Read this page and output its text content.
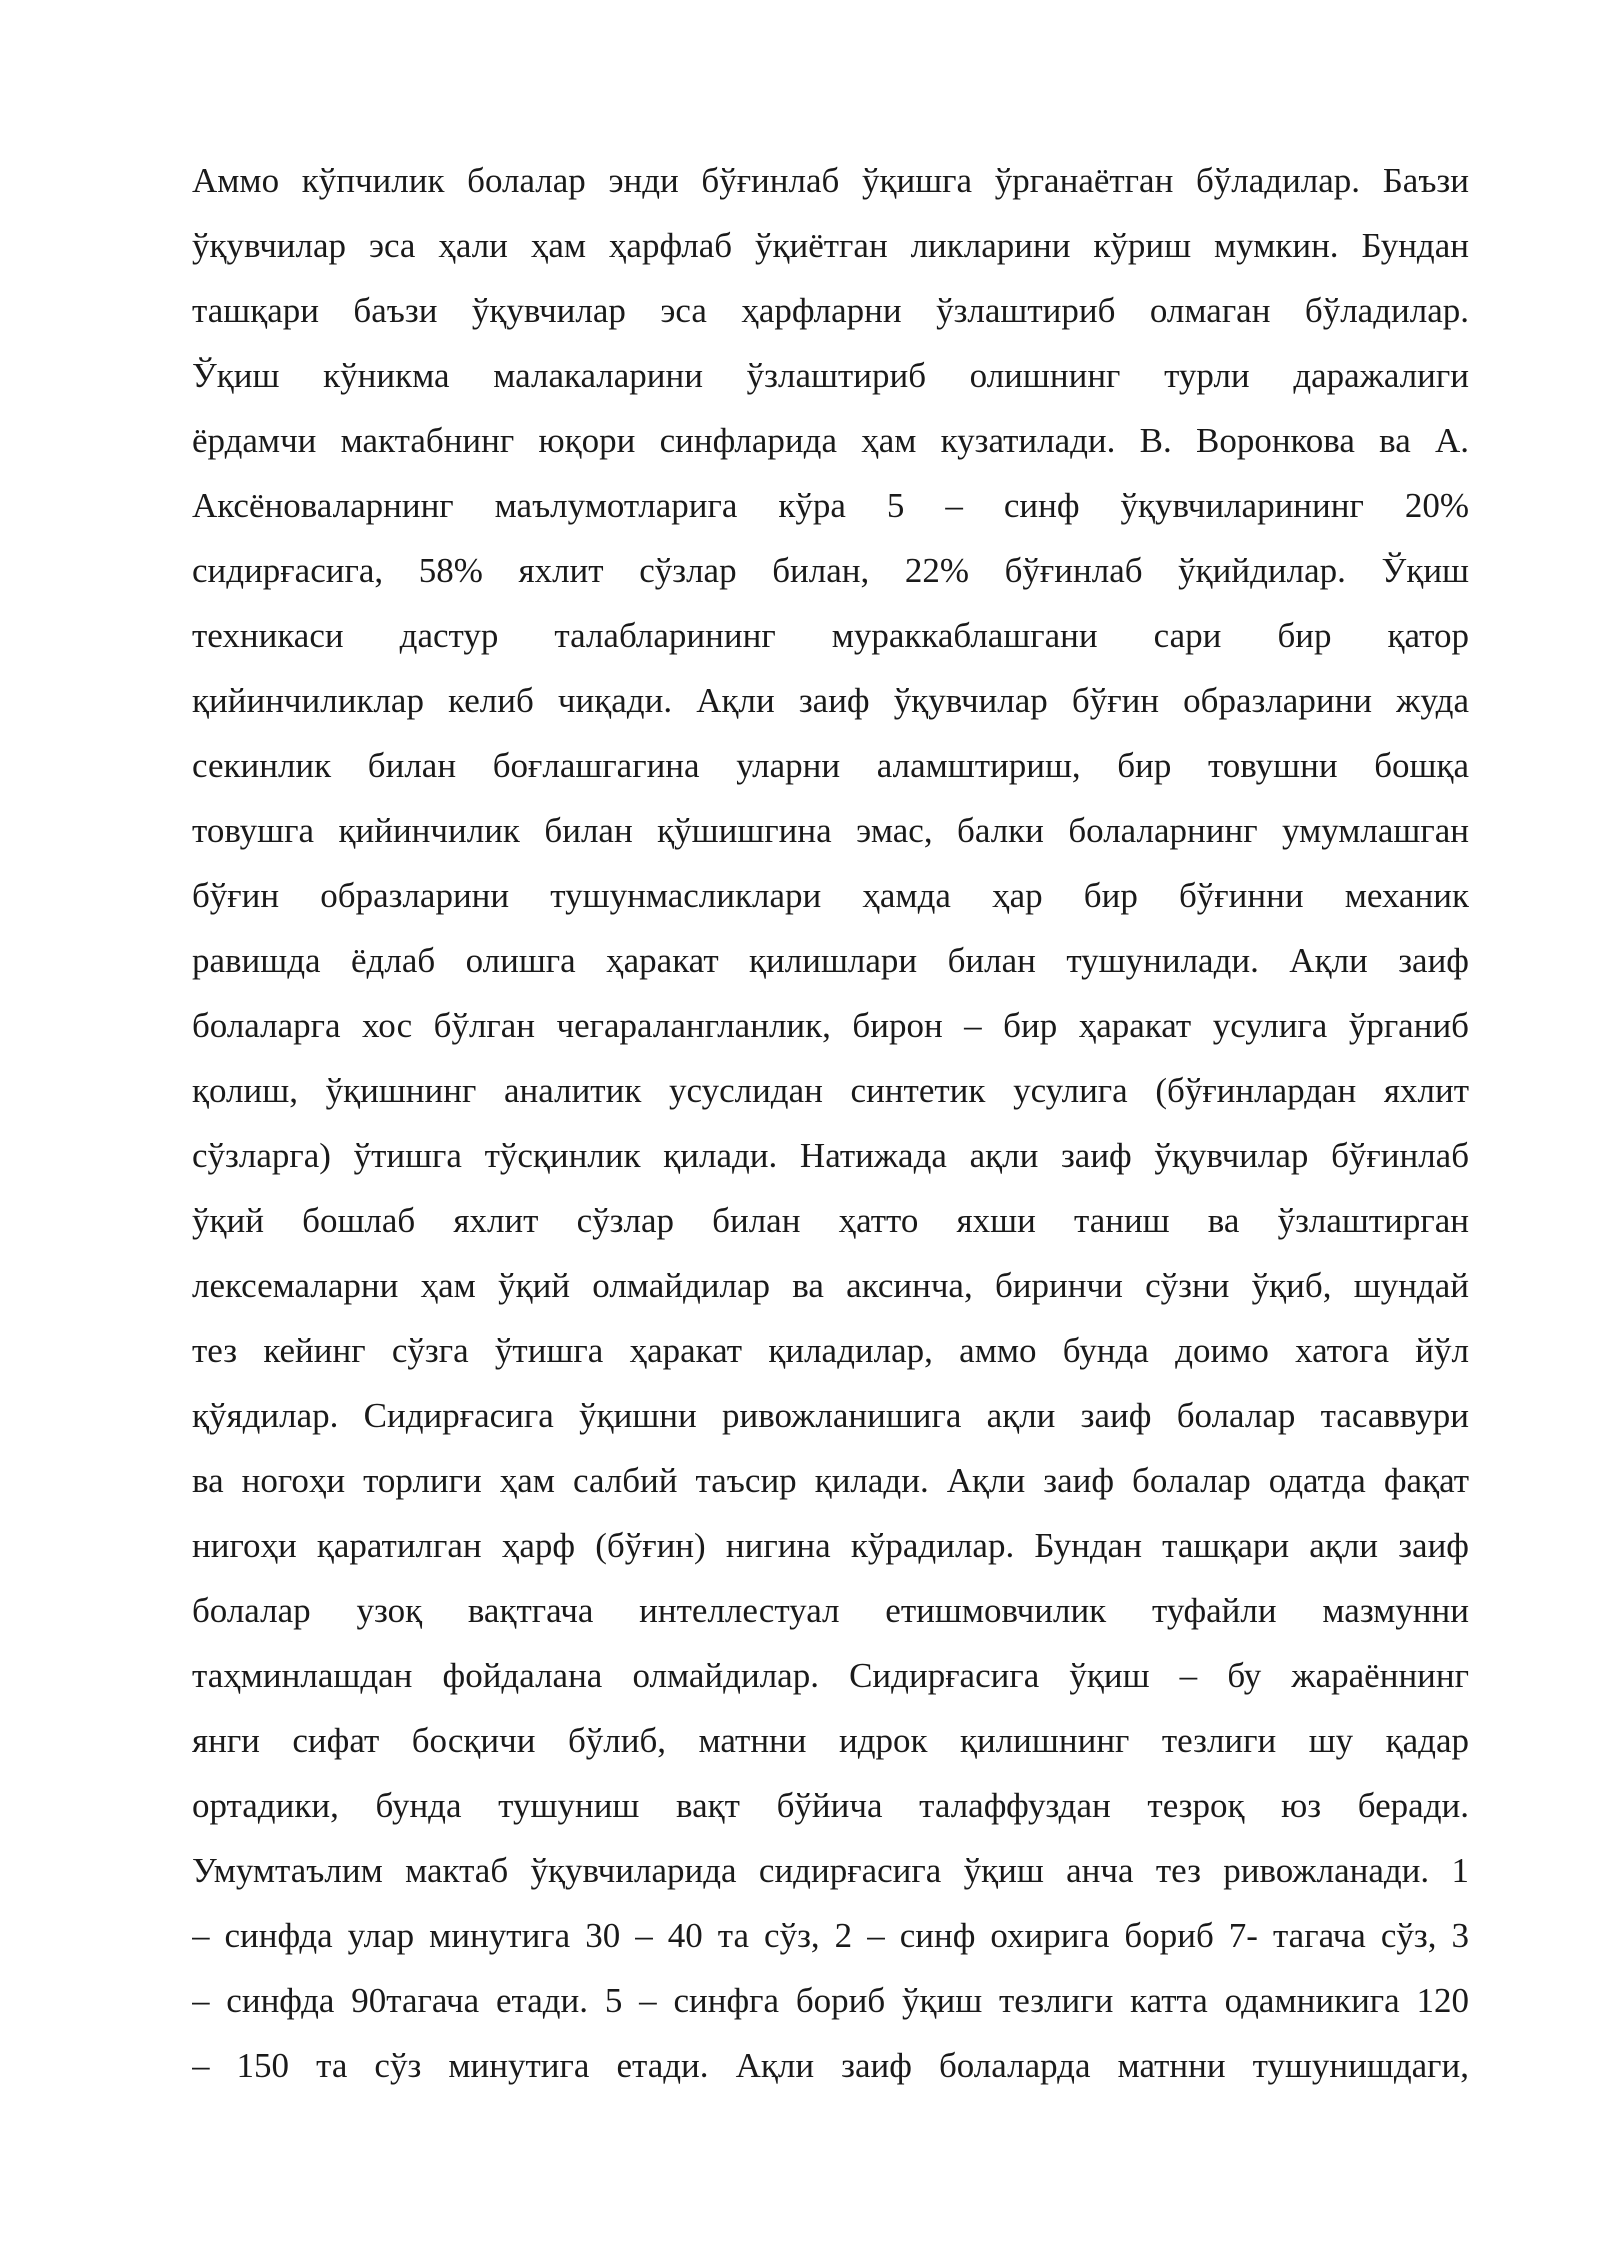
Аммо кўпчилик болалар энди бўғинлаб ўқишга ўрганаётган бўладилар. Баъзи
ўқувчилар эса ҳали ҳам ҳарфлаб ўқиётган ликларини кўриш мумкин. Бундан
ташқари баъзи ўқувчилар эса ҳарфларни ўзлаштириб олмаган бўладилар.
Ўқиш кўникма малакаларини ўзлаштириб олишнинг турли даражалиги
ёрдамчи мактабнинг юқори синфларида ҳам кузатилади. В. Воронкова ва А.
Аксёноваларнинг маълумотларига кўра 5 – синф ўқувчиларининг 20%
сидирғасига, 58% яхлит сўзлар билан, 22% бўғинлаб ўқийдилар. Ўқиш
техникаси дастур талабларининг мураккаблашгани сари бир қатор
қийинчиликлар келиб чиқади. Ақли заиф ўқувчилар бўғин образларини жуда
секинлик билан боғлашгагина уларни аламштириш, бир товушни бошқа
товушга қийинчилик билан қўшишгина эмас, балки болаларнинг умумлашган
бўғин образларини тушунмасликлари ҳамда ҳар бир бўғинни механик
равишда ёдлаб олишга ҳаракат қилишлари билан тушунилади. Ақли заиф
болаларга хос бўлган чегаралангланлик, бирон – бир ҳаракат усулига ўрганиб
қолиш, ўқишнинг аналитик усуслидан синтетик усулига (бўғинлардан яхлит
сўзларга) ўтишга тўсқинлик қилади. Натижада ақли заиф ўқувчилар бўғинлаб
ўқий бошлаб яхлит сўзлар билан ҳатто яхши таниш ва ўзлаштирган
лексемаларни ҳам ўқий олмайдилар ва аксинча, биринчи сўзни ўқиб, шундай
тез кейинг сўзга ўтишга ҳаракат қиладилар, аммо бунда доимо хатога йўл
қўядилар. Сидирғасига ўқишни ривожланишига ақли заиф болалар тасаввури
ва ногоҳи торлиги ҳам салбий таъсир қилади. Ақли заиф болалар одатда фақат
нигоҳи қаратилган ҳарф (бўғин) нигина кўрадилар. Бундан ташқари ақли заиф
болалар узоқ вақтгача интеллестуал етишмовчилик туфайли мазмунни
таҳминлашдан фойдалана олмайдилар. Сидирғасига ўқиш – бу жараённинг
янги сифат босқичи бўлиб, матнни идрок қилишнинг тезлиги шу қадар
ортадики, бунда тушуниш вақт бўйича талаффуздан тезроқ юз беради.
Умумтаълим мактаб ўқувчиларида сидирғасига ўқиш анча тез ривожланади. 1
– синфда улар минутига 30 – 40 та сўз, 2 – синф охирига бориб 7- тагача сўз, 3
– синфда 90тагача етади. 5 – синфга бориб ўқиш тезлиги катта одамникига 120
– 150 та сўз минутига етади. Ақли заиф болаларда матнни тушунишдаги,
